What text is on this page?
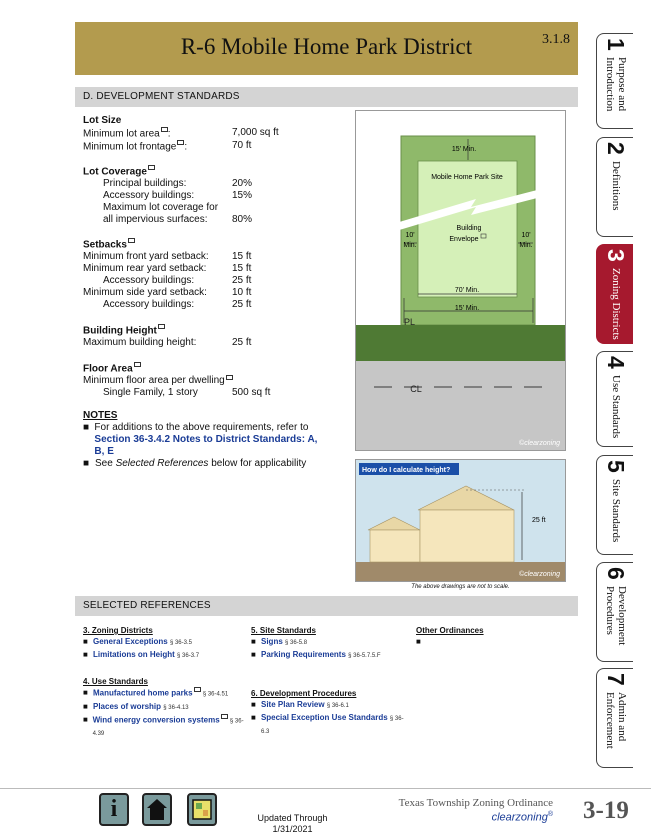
R-6 Mobile Home Park District	3.1.8 1
Purpose and Introduction
2
Definitions
3
Zoning Districts
4
Use Standards
5
Site Standards
6
Development Procedures
7
Admin and Enforcement
D. DEVELOPMENT STANDARDS
Lot Size
Minimum lot area :	7,000 sq ft
Minimum lot frontage :	70 ft
Lot Coverage
Principal buildings:	20%
Accessory buildings:	15%
Maximum lot coverage for
all impervious surfaces:	80%
Setbacks
Minimum front yard setback:	15 ft
Minimum rear yard setback:	15 ft
Accessory buildings:	25 ft
Minimum side yard setback:	10 ft
Accessory buildings:	25 ft
Building Height
Maximum building height:	25 ft
Floor Area
Minimum floor area per dwelling
Single Family, 1 story	500 sq ft
NOTES
■ For additions to the above requirements, refer to
Section 36-3.4.2 Notes to District Standards: A, B, E
■ See Selected References below for applicability
15' Min.
Mobile Home Park Site
Building
Envelope
10'
Min.
10'
Min.
70' Min.
15' Min.
PL
CL
©clearzoning
How do I calculate height?
25 ft
©clearzoning
The above drawings are not to scale.
SELECTED REFERENCES
3. Zoning Districts
■ General Exceptions § 36-3.5
■ Limitations on Height § 36-3.7
4. Use Standards
■ Manufactured home parks § 36-4.51
■ Places of worship § 36-4.13
■ Wind energy conversion systems § 36-4.39
5. Site Standards
■ Signs § 36-5.8
■ Parking Requirements § 36-5.7.5.F
6. Development Procedures
■ Site Plan Review § 36-6.1
■ Special Exception Use Standards § 36-6.3
Other Ordinances
■
i	Updated Through
1/31/2021
Texas Township Zoning Ordinance
clearzoning® 3-19
